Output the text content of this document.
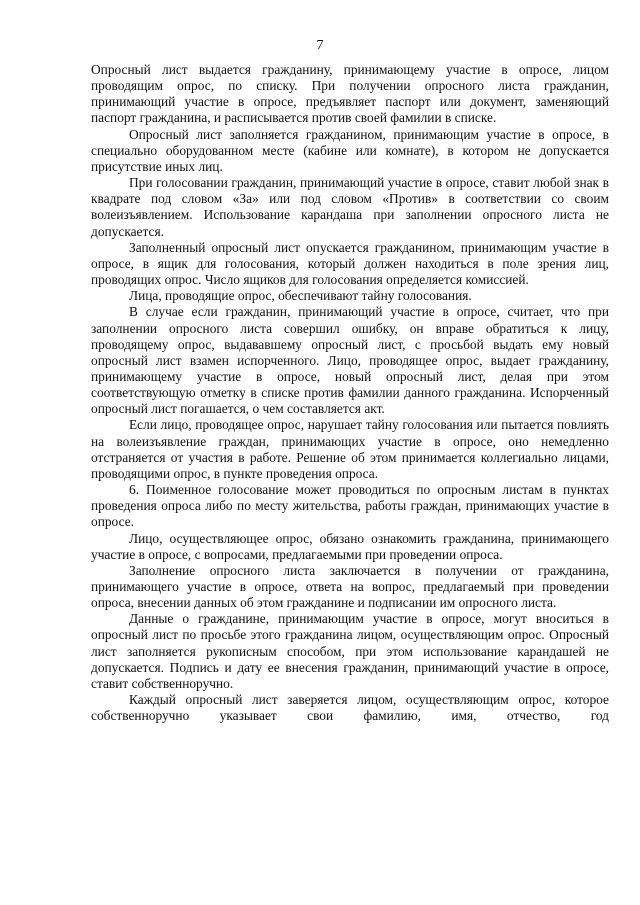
7

Опросный лист выдается гражданину, принимающему участие в опросе, лицом проводящим опрос, по списку. При получении опросного листа гражданин, принимающий участие в опросе, предъявляет паспорт или документ, заменяющий паспорт гражданина, и расписывается против своей фамилии в списке.

Опросный лист заполняется гражданином, принимающим участие в опросе, в специально оборудованном месте (кабине или комнате), в котором не допускается присутствие иных лиц.

При голосовании гражданин, принимающий участие в опросе, ставит любой знак в квадрате под словом «За» или под словом «Против» в соответствии со своим волеизъявлением. Использование карандаша при заполнении опросного листа не допускается.

Заполненный опросный лист опускается гражданином, принимающим участие в опросе, в ящик для голосования, который должен находиться в поле зрения лиц, проводящих опрос. Число ящиков для голосования определяется комиссией.

Лица, проводящие опрос, обеспечивают тайну голосования.

В случае если гражданин, принимающий участие в опросе, считает, что при заполнении опросного листа совершил ошибку, он вправе обратиться к лицу, проводящему опрос, выдававшему опросный лист, с просьбой выдать ему новый опросный лист взамен испорченного. Лицо, проводящее опрос, выдает гражданину, принимающему участие в опросе, новый опросный лист, делая при этом соответствующую отметку в списке против фамилии данного гражданина. Испорченный опросный лист погашается, о чем составляется акт.

Если лицо, проводящее опрос, нарушает тайну голосования или пытается повлиять на волеизъявление граждан, принимающих участие в опросе, оно немедленно отстраняется от участия в работе. Решение об этом принимается коллегиально лицами, проводящими опрос, в пункте проведения опроса.

6. Поименное голосование может проводиться по опросным листам в пунктах проведения опроса либо по месту жительства, работы граждан, принимающих участие в опросе.

Лицо, осуществляющее опрос, обязано ознакомить гражданина, принимающего участие в опросе, с вопросами, предлагаемыми при проведении опроса.

Заполнение опросного листа заключается в получении от гражданина, принимающего участие в опросе, ответа на вопрос, предлагаемый при проведении опроса, внесении данных об этом гражданине и подписании им опросного листа.

Данные о гражданине, принимающим участие в опросе, могут вноситься в опросный лист по просьбе этого гражданина лицом, осуществляющим опрос. Опросный лист заполняется рукописным способом, при этом использование карандашей не допускается. Подпись и дату ее внесения гражданин, принимающий участие в опросе, ставит собственноручно.

Каждый опросный лист заверяется лицом, осуществляющим опрос, которое собственноручно указывает свои фамилию, имя, отчество, год
